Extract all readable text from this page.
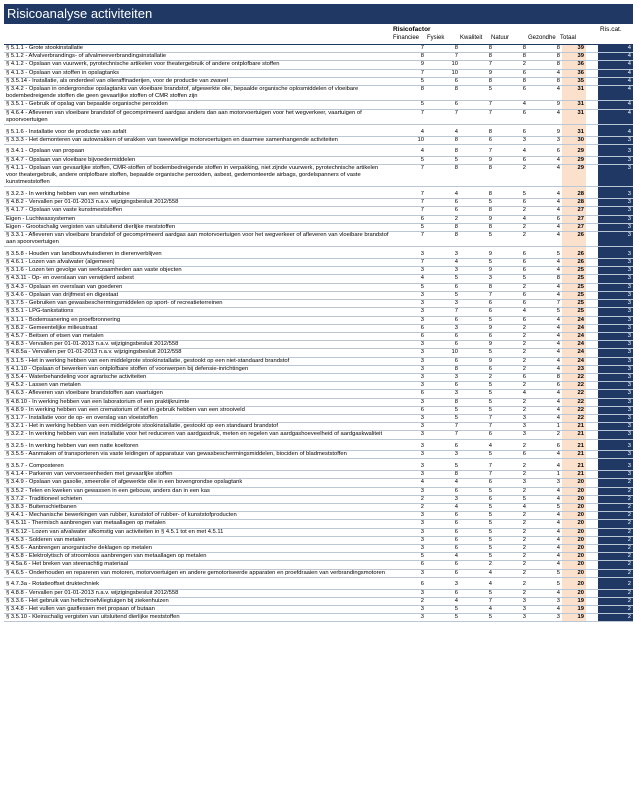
Risicoanalyse activiteiten
Risicofactor	Ris.cat.
Financiee Fysiek	Kwaliteit Natuur	Gezondhe Totaal
§ 5.1.1 - Grote stookinstallatie	7	8	8	8	8	39		4
§ 5.1.2 - Afvalverbrandings- of afvalmeeverbrandingsinstallatie	8	7	8	8	8	39		4
§ 4.1.2 - Opslaan van vuurwerk, pyrotechnische artikelen voor theatergebruik of andere ontplofbare stoffen	9	10	7	2	8	36		4
§ 4.1.3 - Opslaan van stoffen in opslagtanks	7	10	9	6	4	36		4
§ 3.5.14 - Installatie, als onderdeel van olieraffinaderijen, voor de productie van zwavel	5	6	8	8	8	35		4
§ 3.4.2 - Opslaan in ondergrondse opslagtanks van vloeibare brandstof, afgewerkte olie, bepaalde organische oplosmiddelen of vloeibare bodembedreigende stoffen die geen gevaarlijke stoffen of CMR stoffen zijn	8	8	5	6	4	31		4
§ 3.5.1 - Gebruik of opslag van bepaalde organische peroxiden	5	6	7	4	9	31		4
§ 4.6.4 - Afleveren van vloeibare brandstof of gecomprimeerd aardgas anders dan aan motorvoertuigen voor het wegverkeer, vaartuigen of spoorvoertuigen	7	7	7	6	4	31		4

§ 5.1.6 - Installatie voor de productie van asfalt	4	4	8	6	9	31		4
§ 3.3.3 - Het demonteren van autowrakken of wrakken van tweewielige motorvoertuigen en daarmee samenhangende activiteiten	10	8	6	3	3	30		3

§ 3.4.1 - Opslaan van propaan	4	8	7	4	6	29		3
§ 3.4.7 - Opslaan van vloeibare bijvoedermiddelen	5	5	9	6	4	29		3
§ 4.1.1 - Opslaan van gevaarlijke stoffen, CMR-stoffen of bodembedreigende stoffen in verpakking, niet zijnde vuurwerk, pyrotechnische artikelen voor theatergebruik, andere ontplofbare stoffen, bepaalde organische peroxiden, asbest, gedemonteerde airbags, gordelspanners of vaste kunstmeststoffen	7	8	8	2	4	29		3

§ 3.2.3 - In werking hebben van een windturbine	7	4	8	5	4	28		3
§ 4.8.2 - Vervallen per 01-01-2013 n.a.v. wijzigingsbesluit 2012/558	7	6	5	6	4	28		3
§ 4.1.7 - Opslaan van vaste kunstmeststoffen	7	6	8	2	4	27		3
Eigen - Luchtwassystemen	6	2	9	4	6	27		3
Eigen - Grootschalig vergisten van uitsluitend dierlijke meststoffen	5	8	8	2	4	27		3
§ 3.3.1 - Afleveren van vloeibare brandstof of gecomprimeerd aardgas aan motorvoertuigen voor het wegverkeer of afleveren van vloeibare brandstof aan spoorvoertuigen	7	8	5	2	4	26		3

§ 3.5.8 - Houden van landbouwhuisdieren in dierenverblijven	3	3	9	6	5	26		3
§ 4.6.1 - Lozen van afvalwater (algemeen)	7	4	5	6	4	26		3
§ 3.1.6 - Lozen ten gevolge van werkzaamheden aan vaste objecten	3	3	9	6	4	25		3
§ 4.3.11 - Op- en overslaan van verwijderd asbest	4	5	3	5	8	25		3
§ 3.4.3 - Opslaan en overslaan van goederen	5	6	8	2	4	25		3
§ 3.4.6 - Opslaan van drijfmest en digestaat	3	5	7	6	4	25		3
§ 3.7.5 - Gebruiken van gewasbeschermingsmiddelen op sport- of recreatieterreinen	3	3	6	6	7	25		3
§ 3.5.1 - LPG-tankstations	3	7	6	4	5	25		3
§ 3.1.1 - Bodemsanering en proefbronnering	3	6	5	6	4	24		3
§ 3.8.2 - Gemeentelijke milieustraat	6	3	9	2	4	24		3
§ 4.5.7 - Beitsen of etsen van metalen	6	6	6	2	4	24		3
§ 4.8.3 - Vervallen per 01-01-2013 n.a.v. wijzigingsbesluit 2012/558	3	6	9	2	4	24		3
§ 4.8.5a - Vervallen per 01-01-2013 n.a.v. wijzigingsbesluit 2012/558	3	10	5	2	4	24		3
§ 3.1.5 - Het in werking hebben van een middelgrote stookinstallatie, gestookt op een niet-standaard brandstof	3	6	9	2	4	24		3
§ 4.1.10 - Opslaan of bewerken van ontplofbare stoffen of voorwerpen bij defensie-inrichtingen	3	8	6	2	4	23		3
§ 3.5.4 - Waterbehandeling voor agrarische activiteiten	3	3	2	6	8	22		3
§ 4.5.2 - Lassen van metalen	3	6	5	2	6	22		3
§ 4.6.3 - Afleveren van vloeibare brandstoffen aan vaartuigen	6	3	5	4	4	22		3
§ 4.8.10 - In werking hebben van een laboratorium of een praktijkruimte	3	8	5	2	4	22		3
§ 4.8.9 - In werking hebben van een crematorium of het in gebruik hebben van een strooiveld	6	5	5	2	4	22		3
§ 3.1.7 - Installatie voor de op- en overslag van vloeistoffen	3	5	7	3	4	22		3
§ 3.2.1 - Het in werking hebben van een middelgrote stookinstallatie, gestookt op een standaard brandstof	3	7	7	3	1	21		3
§ 3.2.2 - In werking hebben van een installatie voor het reduceren van aardgasdruk, meten en regelen van aardgashoeveelheid of aardgaskwaliteit	3	7	6	3	2	21		3

§ 3.2.5 - In werking hebben van een natte koeltoren	3	6	4	2	6	21		3
§ 3.5.5 - Aanmaken of transporteren via vaste leidingen of apparatuur van gewasbeschermingsmiddelen, biociden of bladmeststoffen	3	3	5	6	4	21		3

§ 3.5.7 - Composteren	3	5	7	2	4	21		3
§ 4.1.4 - Parkeren van vervoerseenheden met gevaarlijke stoffen	3	8	7	2	1	21		3
§ 3.4.9 - Opslaan van gasolie, smeerolie of afgewerkte olie in een bovengrondse opslagtank	4	4	6	3	3	20		2
§ 3.5.2 - Telen en kweken van gewassen in een gebouw, anders dan in een kas	3	6	5	2	4	20		2
§ 3.7.2 - Traditioneel schieten	2	3	6	5	4	20		2
§ 3.8.3 - Buitenschietbanen	2	4	5	4	5	20		2
§ 4.4.1 - Mechanische bewerkingen van rubber, kunststof of rubber- of kunststofproducten	3	6	5	2	4	20		2
§ 4.5.11 - Thermisch aanbrengen van metaallagen op metalen	3	6	5	2	4	20		2
§ 4.5.12 - Lozen van afvalwater afkomstig van activiteiten in § 4.5.1 tot en met 4.5.11	3	6	5	2	4	20		2
§ 4.5.3 - Solderen van metalen	3	6	5	2	4	20		2
§ 4.5.6 - Aanbrengen anorganische deklagen op metalen	3	6	5	2	4	20		2
§ 4.5.8 - Elektrolytisch of stroomloos aanbrengen van metaallagen op metalen	5	4	5	2	4	20		2
§ 4.5a.6 - Het breken van steenachtig materiaal	6	6	2	2	4	20		2
§ 4.6.5 - Onderhouden en repareren van motoren, motorvoertuigen en andere gemotoriseerde apparaten en proefdraaien van verbrandingsmotoren	3	6	4	2	5	20		2

§ 4.7.3a - Rotatieoffset druktechniek	6	3	4	2	5	20		2
§ 4.8.8 - Vervallen per 01-01-2013 n.a.v. wijzigingsbesluit 2012/558	3	6	5	2	4	20		2
§ 3.3.6 - Het gebruik van hefschroefvliegtuigen bij ziekenhuizen	2	4	7	3	3	19		2
§ 3.4.8 - Het vullen van gasflessen met propaan of butaan	3	5	4	3	4	19		2
§ 3.5.10 - Kleinschalig vergisten van uitsluitend dierlijke meststoffen	3	5	5	3	3	19		2
